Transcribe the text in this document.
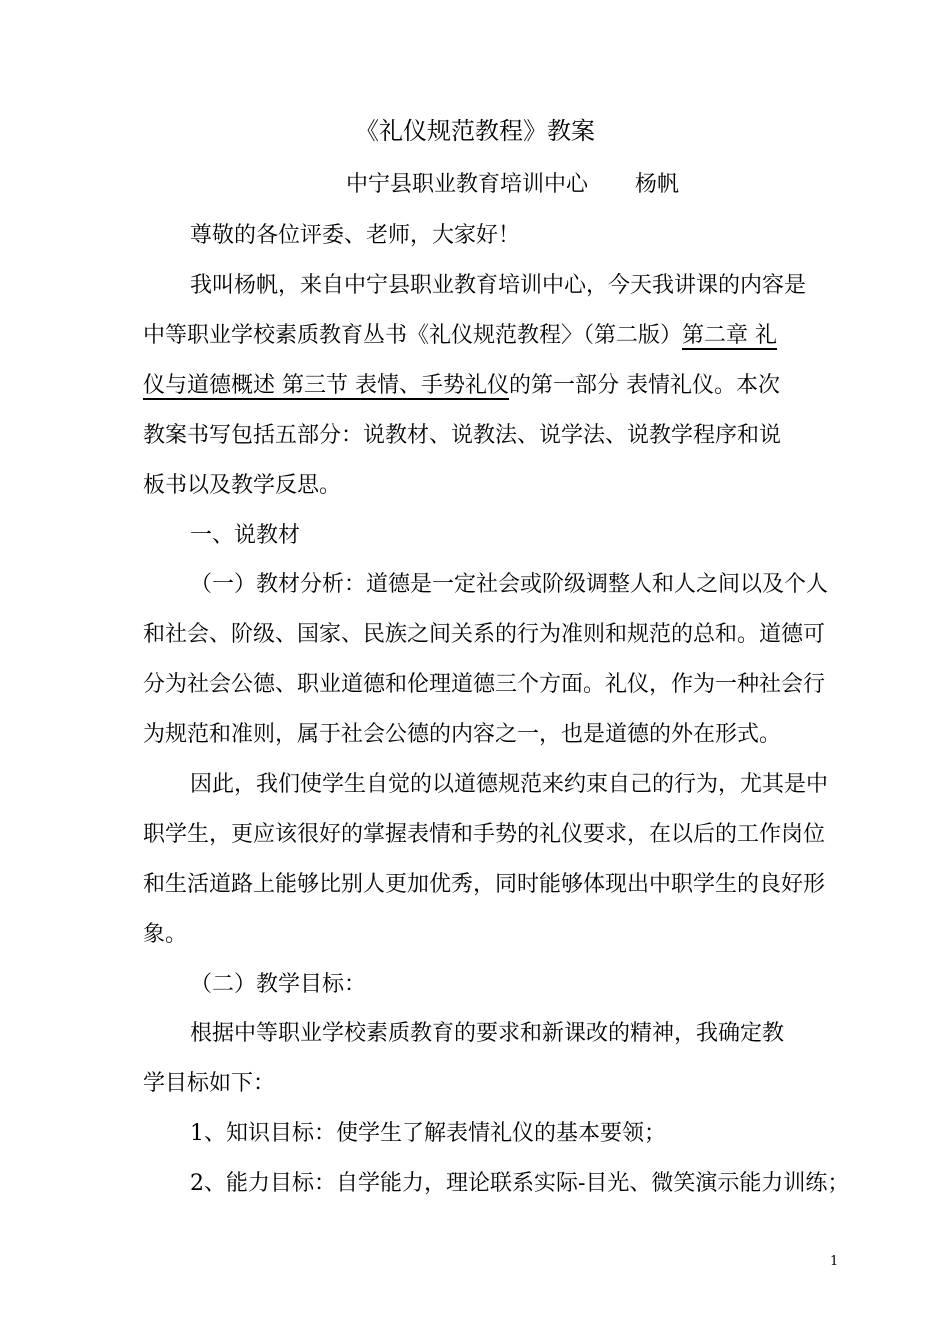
《礼仪规范教程》教案
中宁县职业教育培训中心 杨帆
尊敬的各位评委、老师，大家好！
我叫杨帆，来自中宁县职业教育培训中心，今天我讲课的内容是
中等职业学校素质教育丛书《礼仪规范教程〉（第二版）第二章 礼
仪与道德概述 第三节 表情、手势礼仪的第一部分 表情礼仪。本次
教案书写包括五部分：说教材、说教法、说学法、说教学程序和说
板书以及教学反思。
一、说教材
（一）教材分析：道德是一定社会或阶级调整人和人之间以及个人
和社会、阶级、国家、民族之间关系的行为准则和规范的总和。道德可
分为社会公德、职业道德和伦理道德三个方面。礼仪，作为一种社会行
为规范和准则，属于社会公德的内容之一，也是道德的外在形式。
因此，我们使学生自觉的以道德规范来约束自己的行为，尤其是中
职学生，更应该很好的掌握表情和手势的礼仪要求，在以后的工作岗位
和生活道路上能够比别人更加优秀，同时能够体现出中职学生的良好形
象。
（二）教学目标：
根据中等职业学校素质教育的要求和新课改的精神，我确定教
学目标如下：
1、知识目标：使学生了解表情礼仪的基本要领；
2、能力目标：自学能力，理论联系实际-目光、微笑演示能力训练；
1
